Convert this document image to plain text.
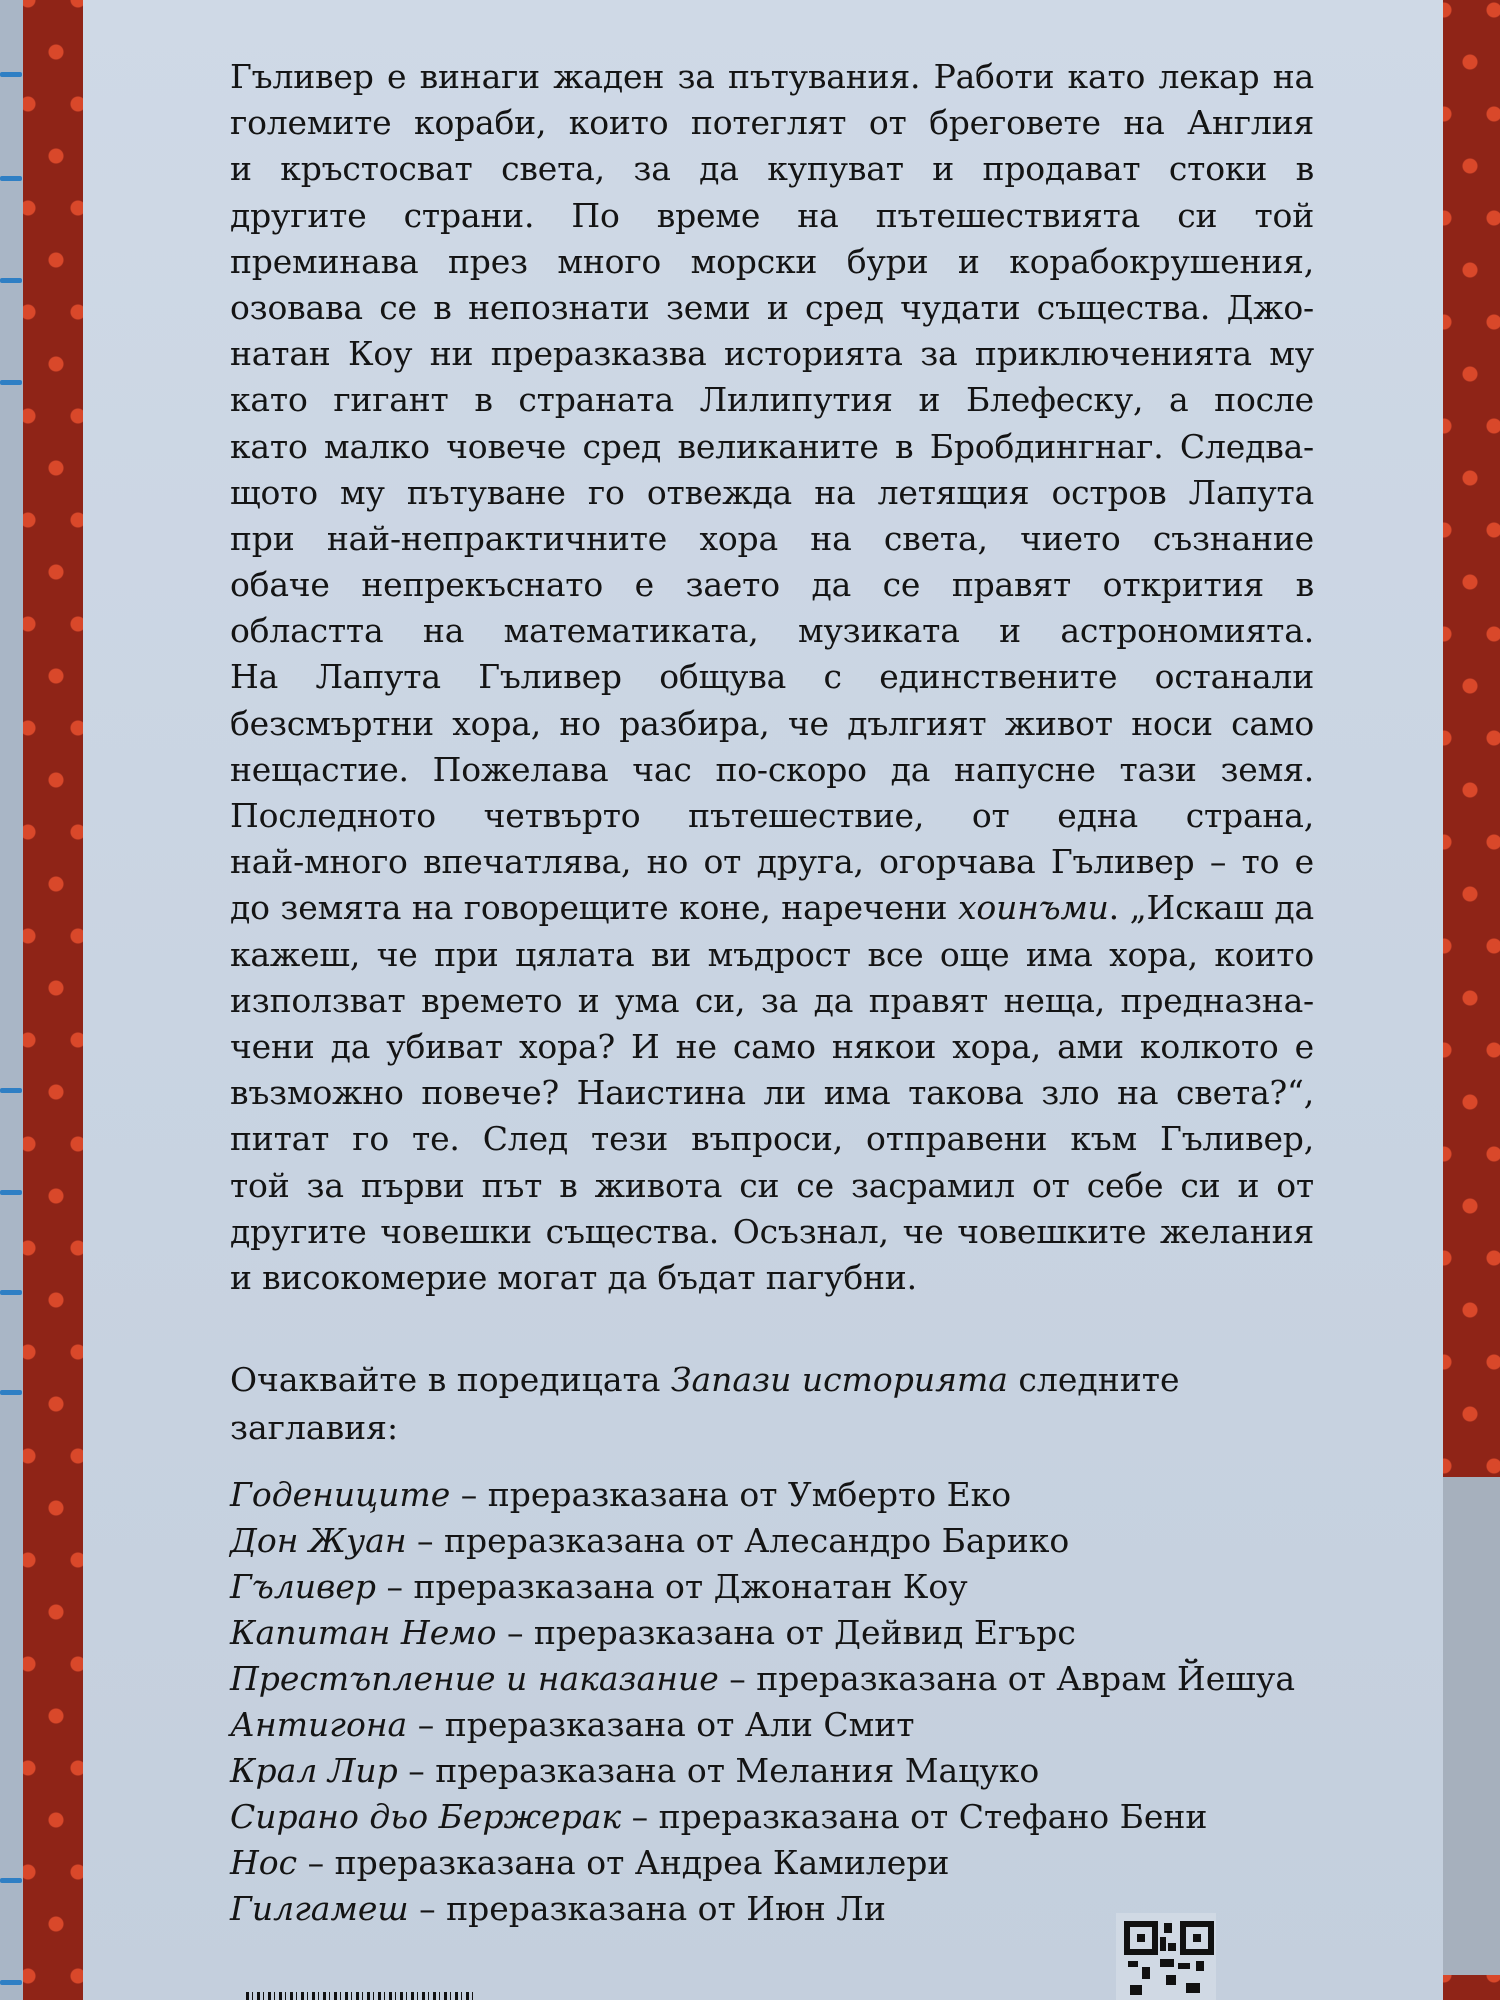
Гъливер е винаги жаден за пътувания. Работи като лекар на
големите кораби, които потеглят от бреговете на Англия
и кръстосват света, за да купуват и продават стоки в
другите страни. По време на пътешествията си той
преминава през много морски бури и корабокрушения,
озовава се в непознати земи и сред чудати същества. Джо-
натан Коу ни преразказва историята за приключенията му
като гигант в страната Лилипутия и Блефеску, а после
като малко човече сред великаните в Бробдингнаг. Следва-
щото му пътуване го отвежда на летящия остров Лапута
при най-непрактичните хора на света, чието съзнание
обаче непрекъснато е заето да се правят открития в
областта на математиката, музиката и астрономията.
На Лапута Гъливер общува с единствените останали
безсмъртни хора, но разбира, че дългият живот носи само
нещастие. Пожелава час по-скоро да напусне тази земя.
Последното четвърто пътешествие, от една страна,
най-много впечатлява, но от друга, огорчава Гъливер – то е
до земята на говорещите коне, наречени хоинъми. „Искаш да
кажеш, че при цялата ви мъдрост все още има хора, които
използват времето и ума си, за да правят неща, предназна-
чени да убиват хора? И не само някои хора, ами колкото е
възможно повече? Наистина ли има такова зло на света?“,
питат го те. След тези въпроси, отправени към Гъливер,
той за първи път в живота си се засрамил от себе си и от
другите човешки същества. Осъзнал, че човешките желания
и високомерие могат да бъдат пагубни.
Очаквайте в поредицата Запази историята следните
заглавия:
Годениците – преразказана от Умберто Еко
Дон Жуан – преразказана от Алесандро Барико
Гъливер – преразказана от Джонатан Коу
Капитан Немо – преразказана от Дейвид Егърс
Престъпление и наказание – преразказана от Аврам Йешуа
Антигона – преразказана от Али Смит
Крал Лир – преразказана от Мелания Мацуко
Сирано дьо Бержерак – преразказана от Стефано Бени
Нос – преразказана от Андреа Камилери
Гилгамеш – преразказана от Июн Ли
